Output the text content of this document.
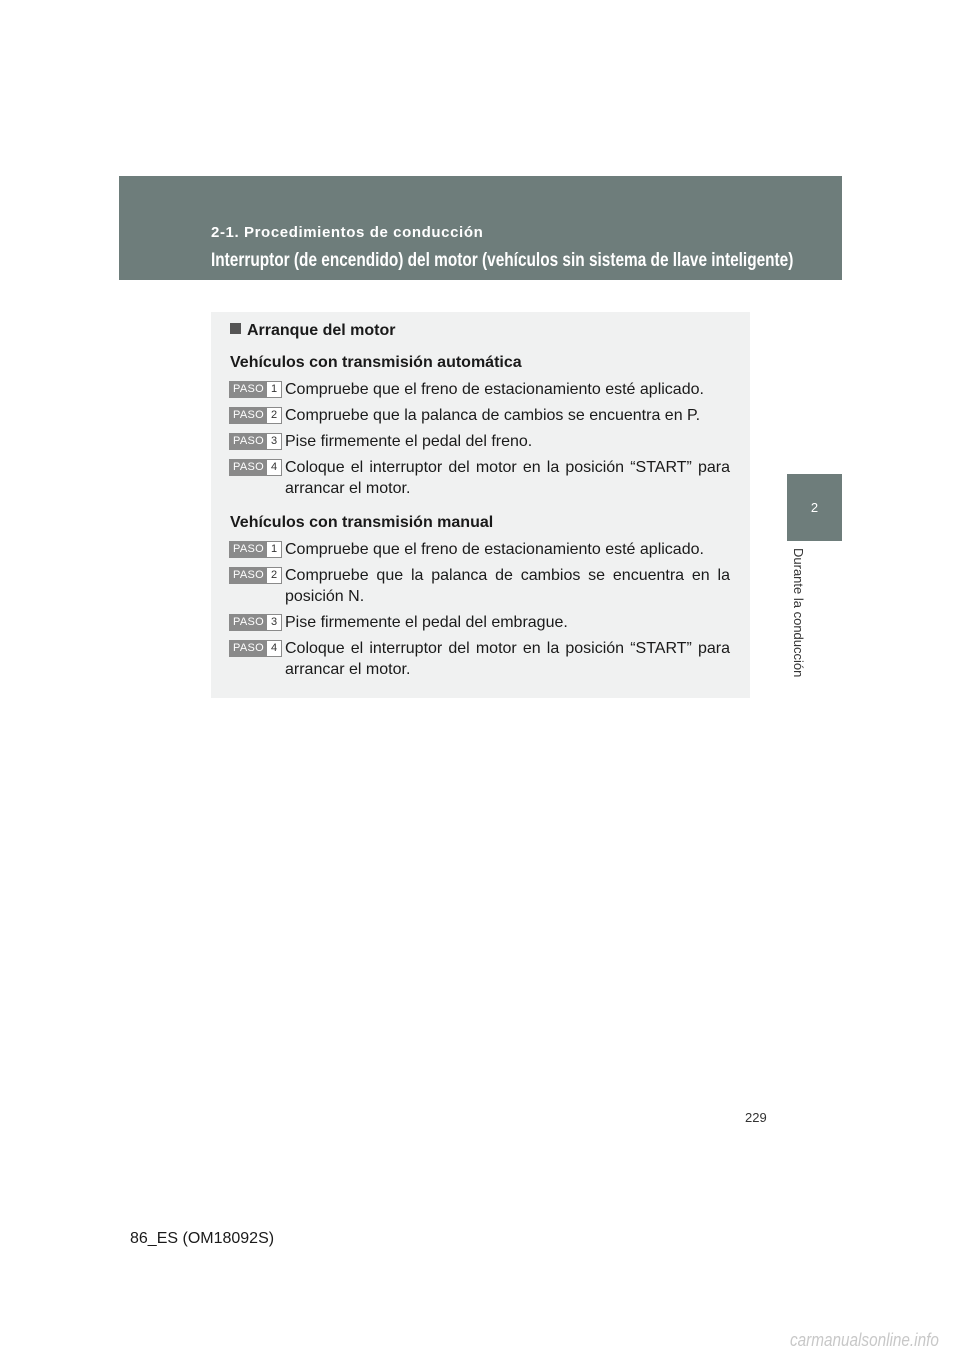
2-1. Procedimientos de conducción
Interruptor (de encendido) del motor (vehículos sin sistema de llave inteligente)
2
Durante la conducción
Arranque del motor
Vehículos con transmisión automática
PASO 1 Compruebe que el freno de estacionamiento esté aplicado.
PASO 2 Compruebe que la palanca de cambios se encuentra en P.
PASO 3 Pise firmemente el pedal del freno.
PASO 4 Coloque el interruptor del motor en la posición “START” para arrancar el motor.
Vehículos con transmisión manual
PASO 1 Compruebe que el freno de estacionamiento esté aplicado.
PASO 2 Compruebe que la palanca de cambios se encuentra en la posición N.
PASO 3 Pise firmemente el pedal del embrague.
PASO 4 Coloque el interruptor del motor en la posición “START” para arrancar el motor.
229
86_ES (OM18092S)
carmanualsonline.info
